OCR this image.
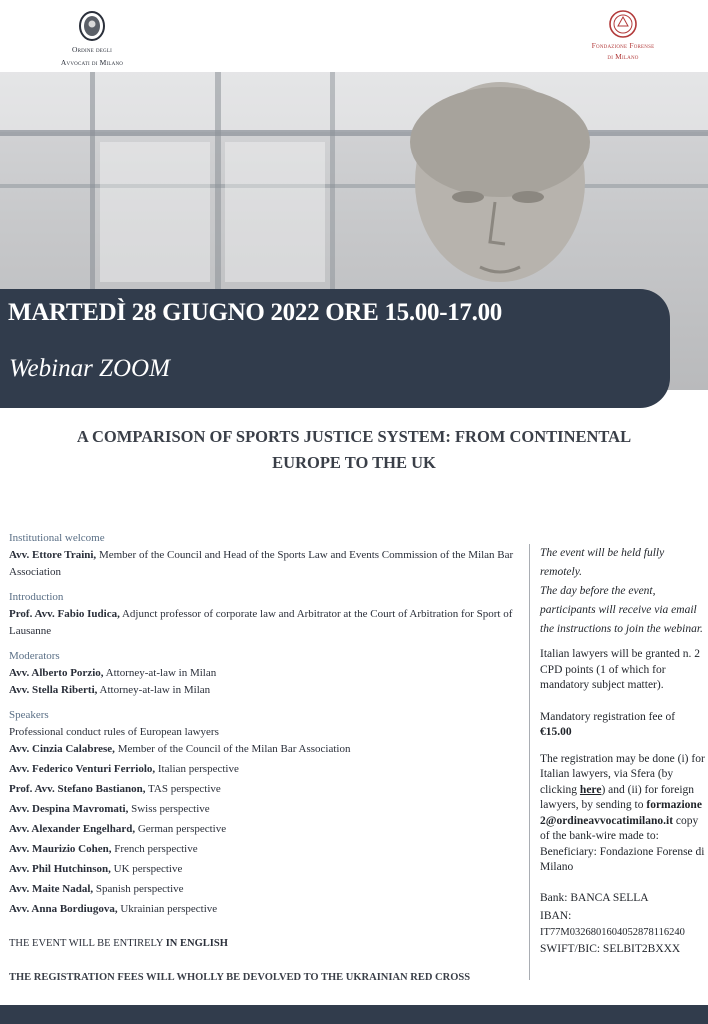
Ordine degli
Avvocati di Milano
Fondazione Forense
di Milano
MARTEDÌ 28 GIUGNO 2022 ORE 15.00-17.00
Webinar ZOOM
A COMPARISON OF SPORTS JUSTICE SYSTEM: FROM CONTINENTAL
EUROPE TO THE UK

Institutional welcome

Avv. Ettore Traini, Member of the Council and Head of the Sports Law and Events Commission of the Milan Bar Association

Introduction

Prof. Avv. Fabio Iudica, Adjunct professor of corporate law and Arbitrator at the Court of Arbitration for Sport of Lausanne

Moderators

Avv. Alberto Porzio, Attorney-at-law in Milan

Avv. Stella Riberti, Attorney-at-law in Milan

Speakers

Professional conduct rules of European lawyers

Avv. Cinzia Calabrese, Member of the Council of the Milan Bar Association

Avv. Federico Venturi Ferriolo, Italian perspective

Prof. Avv. Stefano Bastianon, TAS perspective

Avv. Despina Mavromati, Swiss perspective

Avv. Alexander Engelhard, German perspective

Avv. Maurizio Cohen, French perspective

Avv. Phil Hutchinson, UK perspective

Avv. Maite Nadal, Spanish perspective

Avv. Anna Bordiugova, Ukrainian perspective

The event will be held fully remotely.

The day before the event, participants will receive via email the instructions to join the webinar.

Italian lawyers will be granted n. 2 CPD points (1 of which for mandatory subject matter).

Mandatory registration fee of €15.00

The registration may be done (i) for Italian lawyers, via Sfera (by clicking here) and (ii) for foreign lawyers, by sending to formazione2@ordineavvocatimilano.it copy of the bank-wire made to:

Beneficiary: Fondazione Forense di Milano

Bank: BANCA SELLA

IBAN:

IT77M0326801604052878116240

SWIFT/BIC: SELBIT2BXXX

THE EVENT WILL BE ENTIRELY IN ENGLISH
THE REGISTRATION FEES WILL WHOLLY BE DEVOLVED TO THE UKRAINIAN RED CROSS
